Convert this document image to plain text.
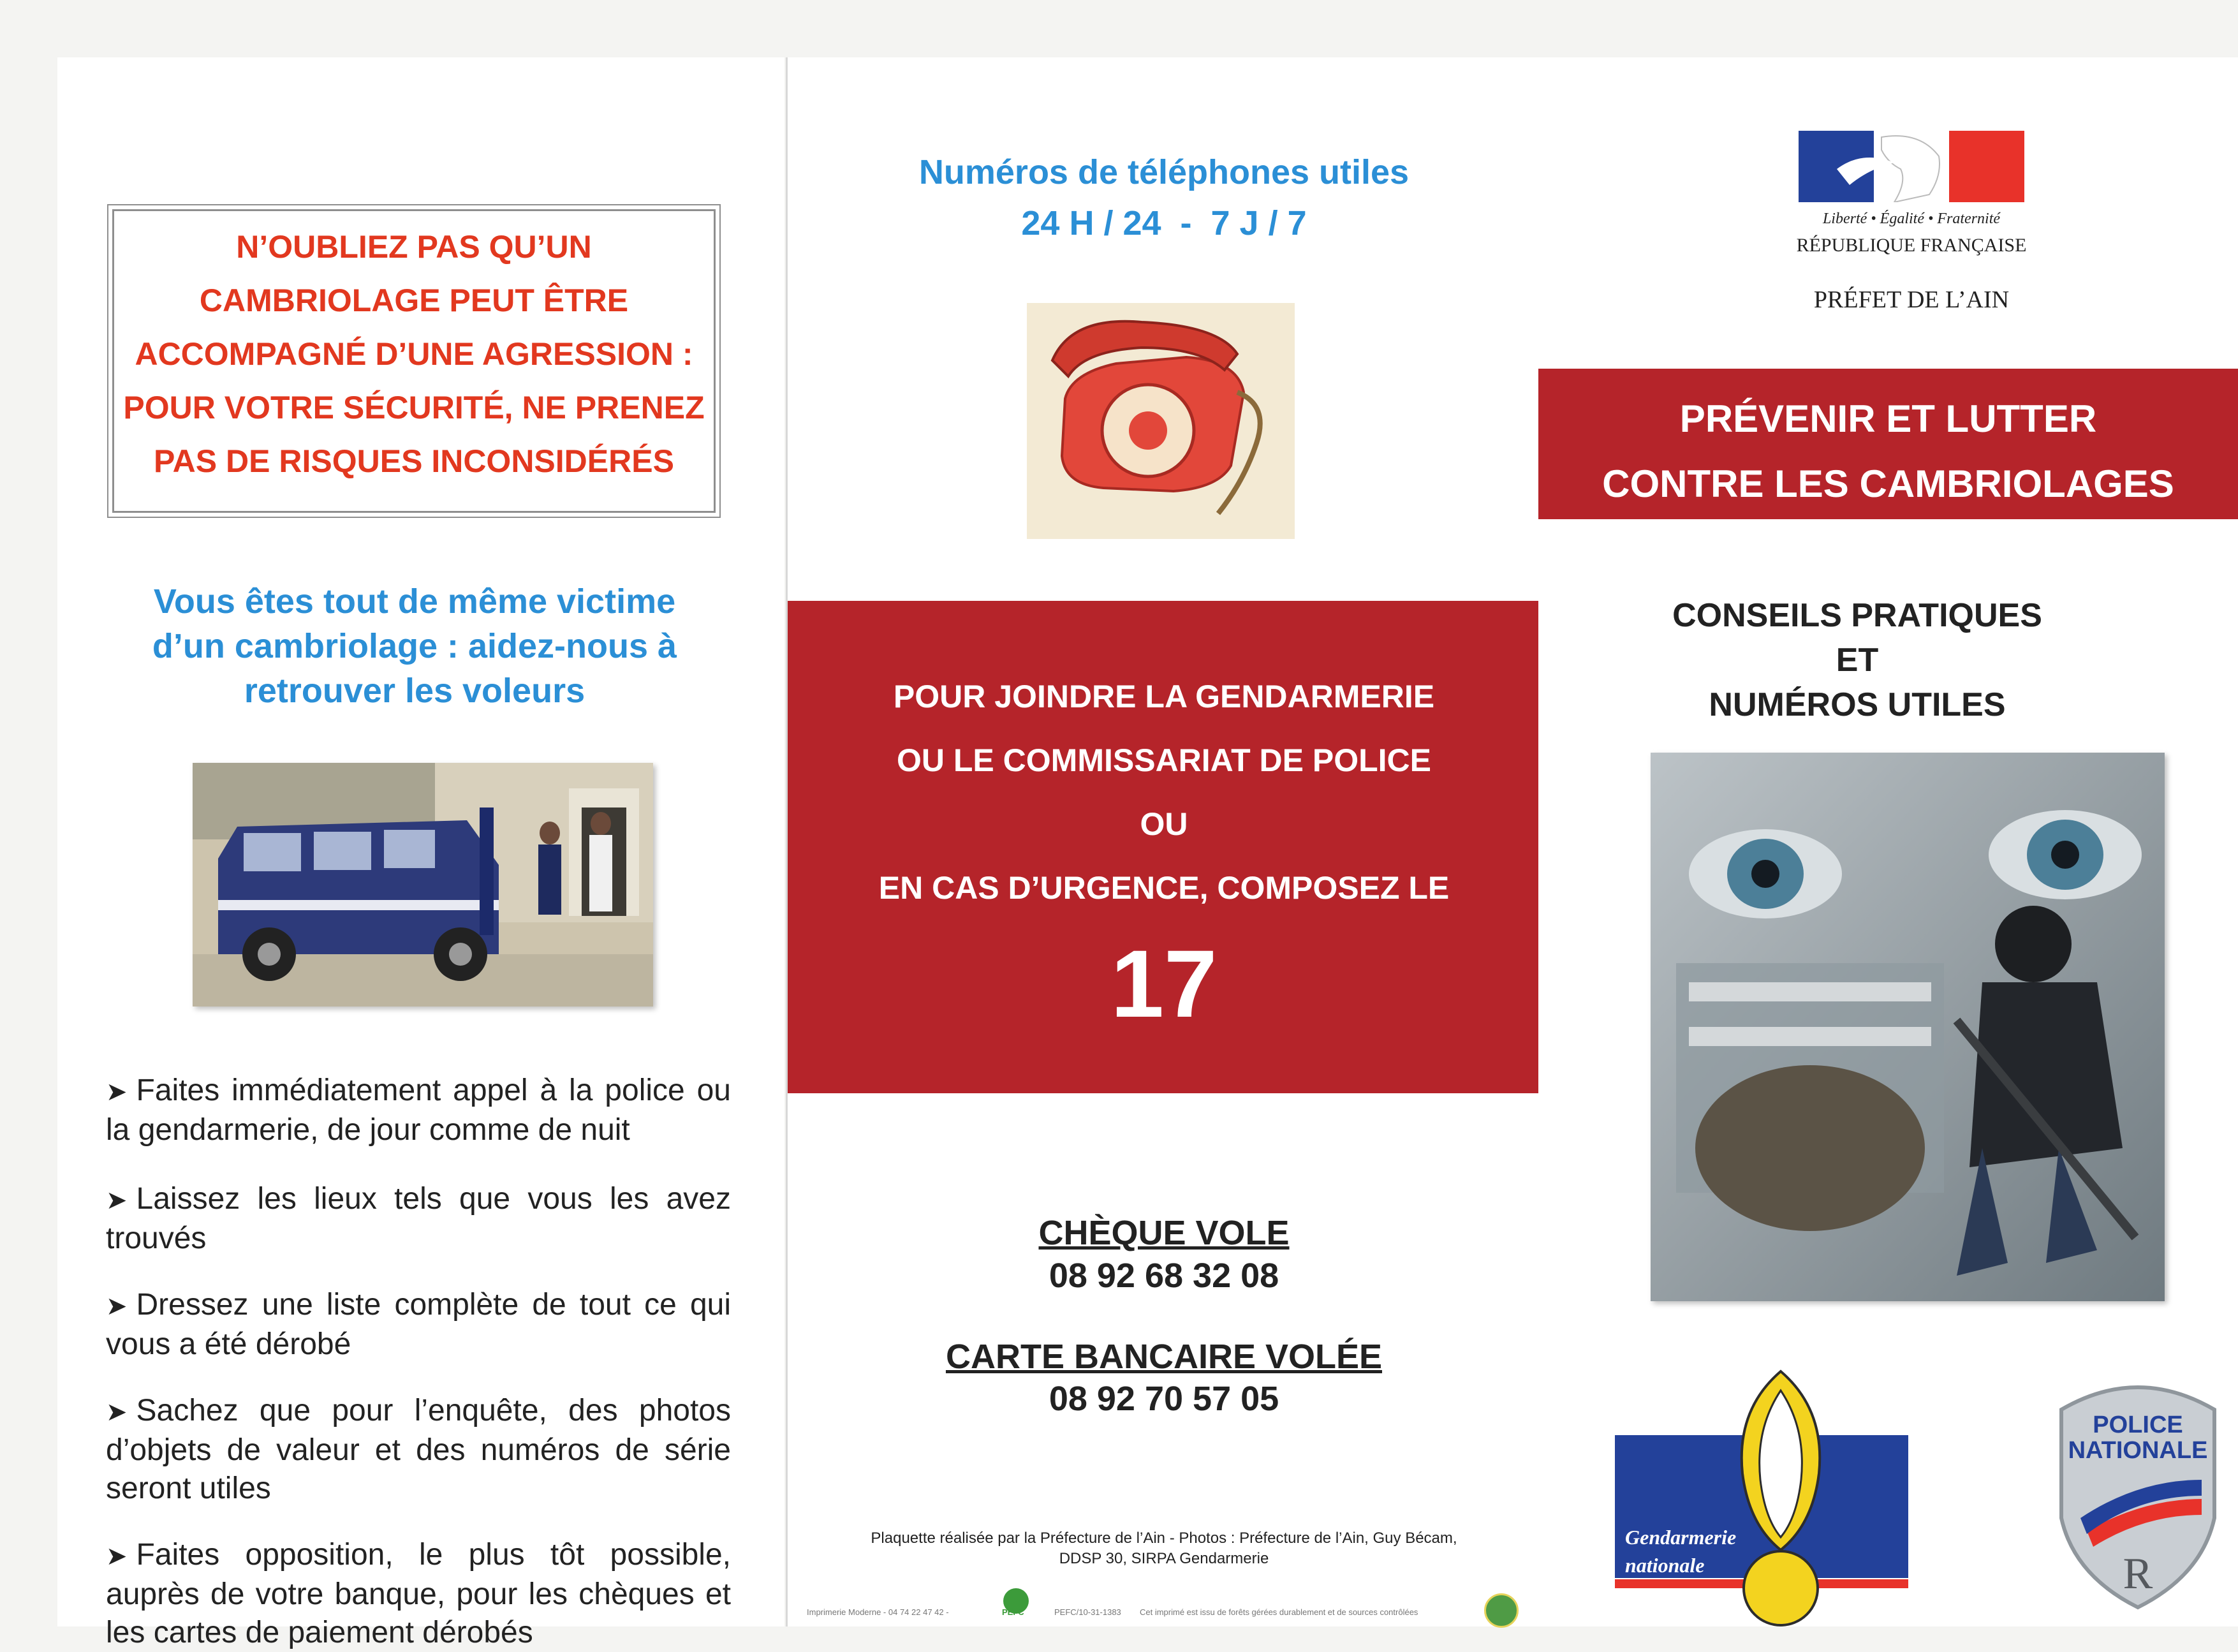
N’OUBLIEZ PAS QU’UN
CAMBRIOLAGE PEUT ÊTRE
ACCOMPAGNÉ D’UNE AGRESSION :
POUR VOTRE SÉCURITÉ, NE PRENEZ
PAS DE RISQUES INCONSIDÉRÉS
Vous êtes tout de même victime
d’un cambriolage : aidez-nous à
retrouver les voleurs
➤ Faites immédiatement appel à la police ou la gendarmerie, de jour comme de nuit
➤ Laissez les lieux tels que vous les avez trouvés
➤ Dressez une liste complète de tout ce qui vous a été dérobé
➤ Sachez que pour l’enquête, des photos d’objets de valeur et des numéros de série seront utiles
➤ Faites opposition, le plus tôt possible, auprès de votre banque, pour les chèques et les cartes de paiement dérobés
Numéros de téléphones utiles
24 H / 24  -  7 J / 7
POUR JOINDRE LA GENDARMERIE
OU LE COMMISSARIAT DE POLICE
OU
EN CAS D’URGENCE, COMPOSEZ LE
17
CHÈQUE VOLE
08 92 68 32 08
CARTE BANCAIRE VOLÉE
08 92 70 57 05
Plaquette réalisée par la Préfecture de l’Ain - Photos : Préfecture de l’Ain, Guy Bécam,
DDSP 30, SIRPA Gendarmerie
Imprimerie Moderne - 04 74 22 47 42 -	PEFC	PEFC/10-31-1383 Cet imprimé est issu de forêts gérées durablement et de sources contrôlées
Liberté • Égalité • Fraternité
RÉPUBLIQUE FRANÇAISE
PRÉFET DE L’AIN
PRÉVENIR ET LUTTER
CONTRE LES CAMBRIOLAGES
CONSEILS PRATIQUES
ET
NUMÉROS UTILES
Gendarmerie
nationale	R
POLICE
NATIONALE
